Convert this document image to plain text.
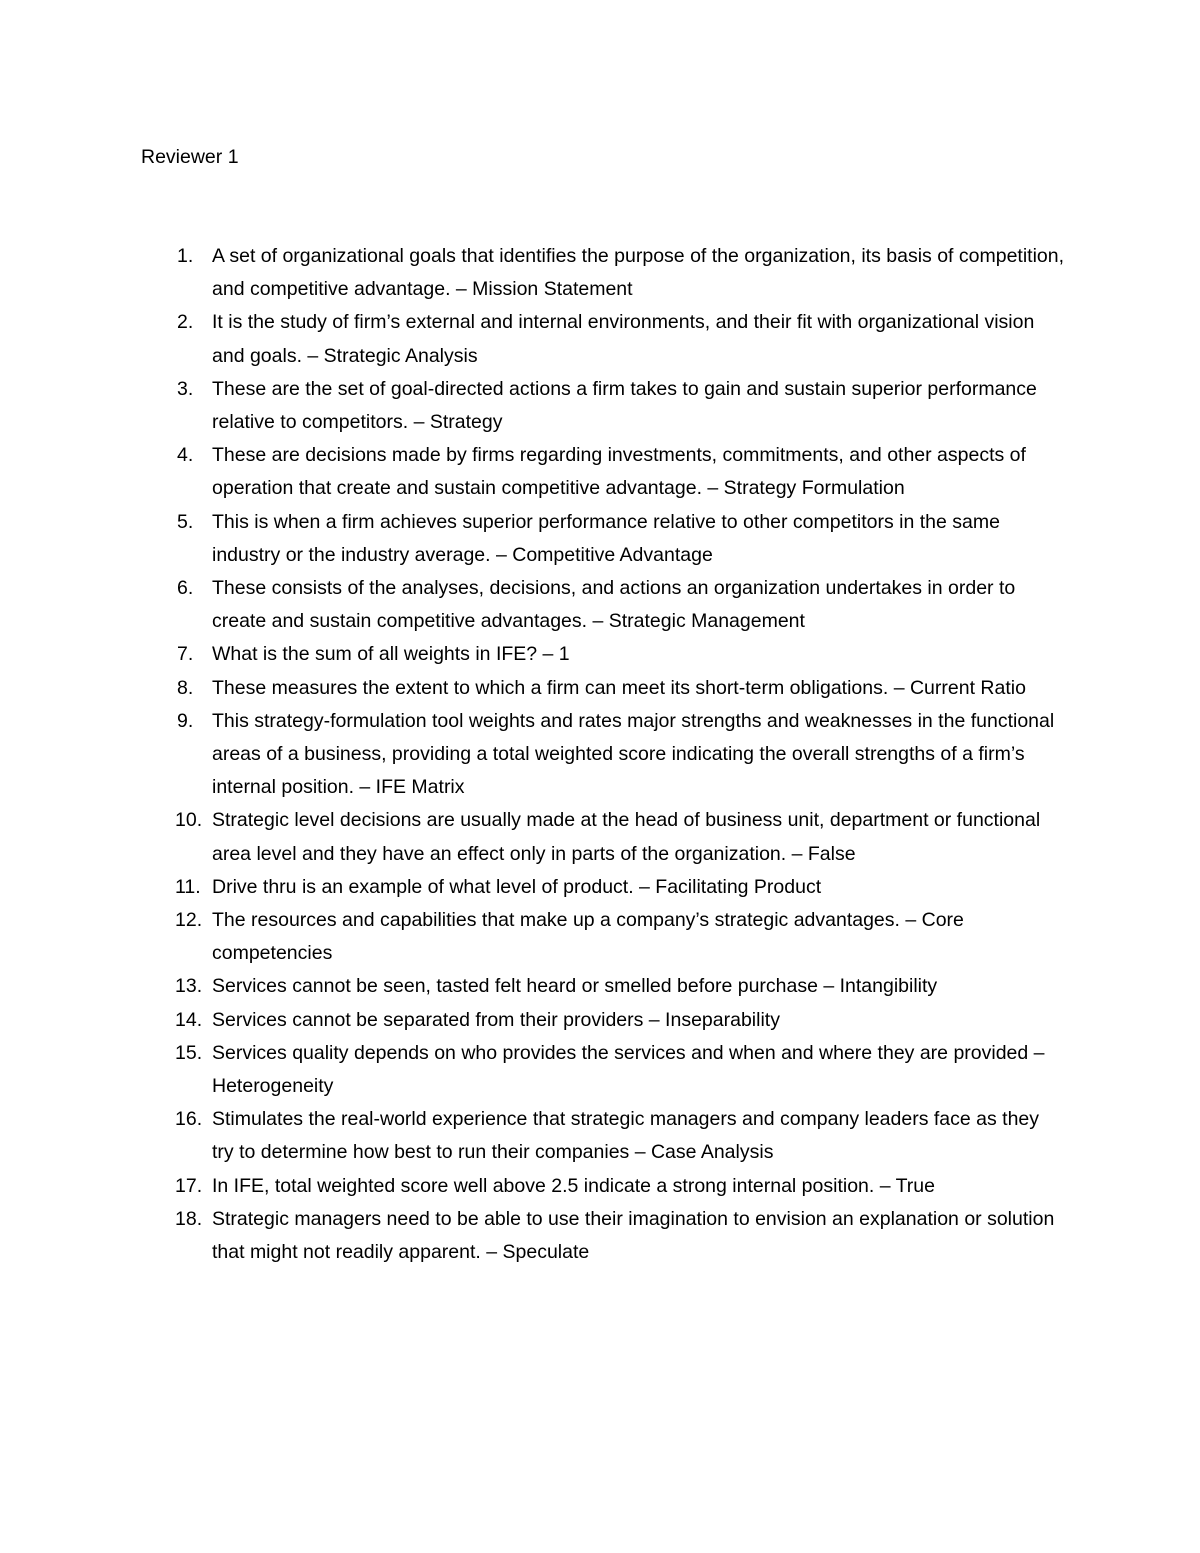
Reviewer 1
1. A set of organizational goals that identifies the purpose of the organization, its basis of competition, and competitive advantage. – Mission Statement
2. It is the study of firm’s external and internal environments, and their fit with organizational vision and goals. – Strategic Analysis
3. These are the set of goal-directed actions a firm takes to gain and sustain superior performance relative to competitors. – Strategy
4. These are decisions made by firms regarding investments, commitments, and other aspects of operation that create and sustain competitive advantage. – Strategy Formulation
5. This is when a firm achieves superior performance relative to other competitors in the same industry or the industry average. – Competitive Advantage
6. These consists of the analyses, decisions, and actions an organization undertakes in order to create and sustain competitive advantages. – Strategic Management
7. What is the sum of all weights in IFE? – 1
8. These measures the extent to which a firm can meet its short-term obligations. – Current Ratio
9. This strategy-formulation tool weights and rates major strengths and weaknesses in the functional areas of a business, providing a total weighted score indicating the overall strengths of a firm’s internal position. – IFE Matrix
10. Strategic level decisions are usually made at the head of business unit, department or functional area level and they have an effect only in parts of the organization. – False
11. Drive thru is an example of what level of product. – Facilitating Product
12. The resources and capabilities that make up a company’s strategic advantages. – Core competencies
13. Services cannot be seen, tasted felt heard or smelled before purchase – Intangibility
14. Services cannot be separated from their providers – Inseparability
15. Services quality depends on who provides the services and when and where they are provided – Heterogeneity
16. Stimulates the real-world experience that strategic managers and company leaders face as they try to determine how best to run their companies – Case Analysis
17. In IFE, total weighted score well above 2.5 indicate a strong internal position. – True
18. Strategic managers need to be able to use their imagination to envision an explanation or solution that might not readily apparent. – Speculate
